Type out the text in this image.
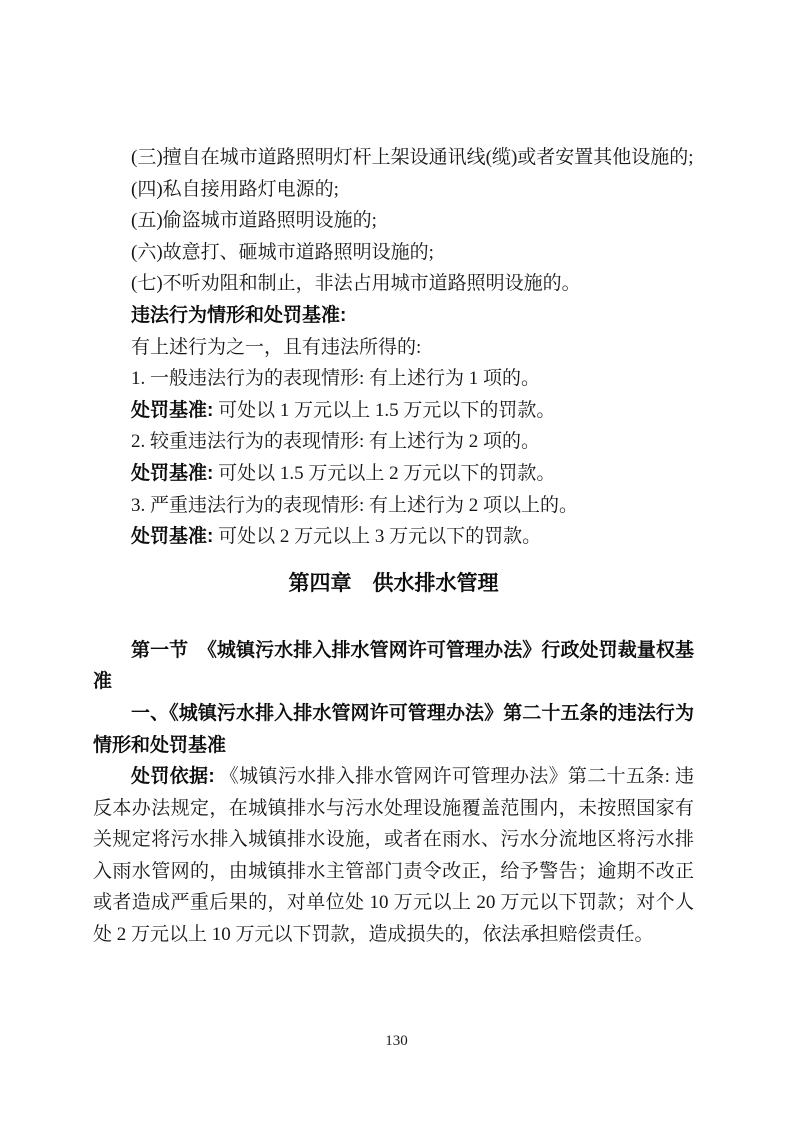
(三)擅自在城市道路照明灯杆上架设通讯线(缆)或者安置其他设施的;

(四)私自接用路灯电源的;

(五)偷盗城市道路照明设施的;

(六)故意打、砸城市道路照明设施的;

(七)不听劝阻和制止，非法占用城市道路照明设施的。

违法行为情形和处罚基准:

有上述行为之一，且有违法所得的:

1. 一般违法行为的表现情形: 有上述行为 1 项的。

处罚基准: 可处以 1 万元以上 1.5 万元以下的罚款。

2. 较重违法行为的表现情形: 有上述行为 2 项的。

处罚基准: 可处以 1.5 万元以上 2 万元以下的罚款。

3. 严重违法行为的表现情形: 有上述行为 2 项以上的。

处罚基准: 可处以 2 万元以上 3 万元以下的罚款。

第四章　供水排水管理

第一节　《城镇污水排入排水管网许可管理办法》行政处罚裁量权基准

一、《城镇污水排入排水管网许可管理办法》第二十五条的违法行为情形和处罚基准

处罚依据: 《城镇污水排入排水管网许可管理办法》第二十五条: 违反本办法规定，在城镇排水与污水处理设施覆盖范围内，未按照国家有关规定将污水排入城镇排水设施，或者在雨水、污水分流地区将污水排入雨水管网的，由城镇排水主管部门责令改正，给予警告；逾期不改正或者造成严重后果的，对单位处 10 万元以上 20 万元以下罚款；对个人处 2 万元以上 10 万元以下罚款，造成损失的，依法承担赔偿责任。

130
